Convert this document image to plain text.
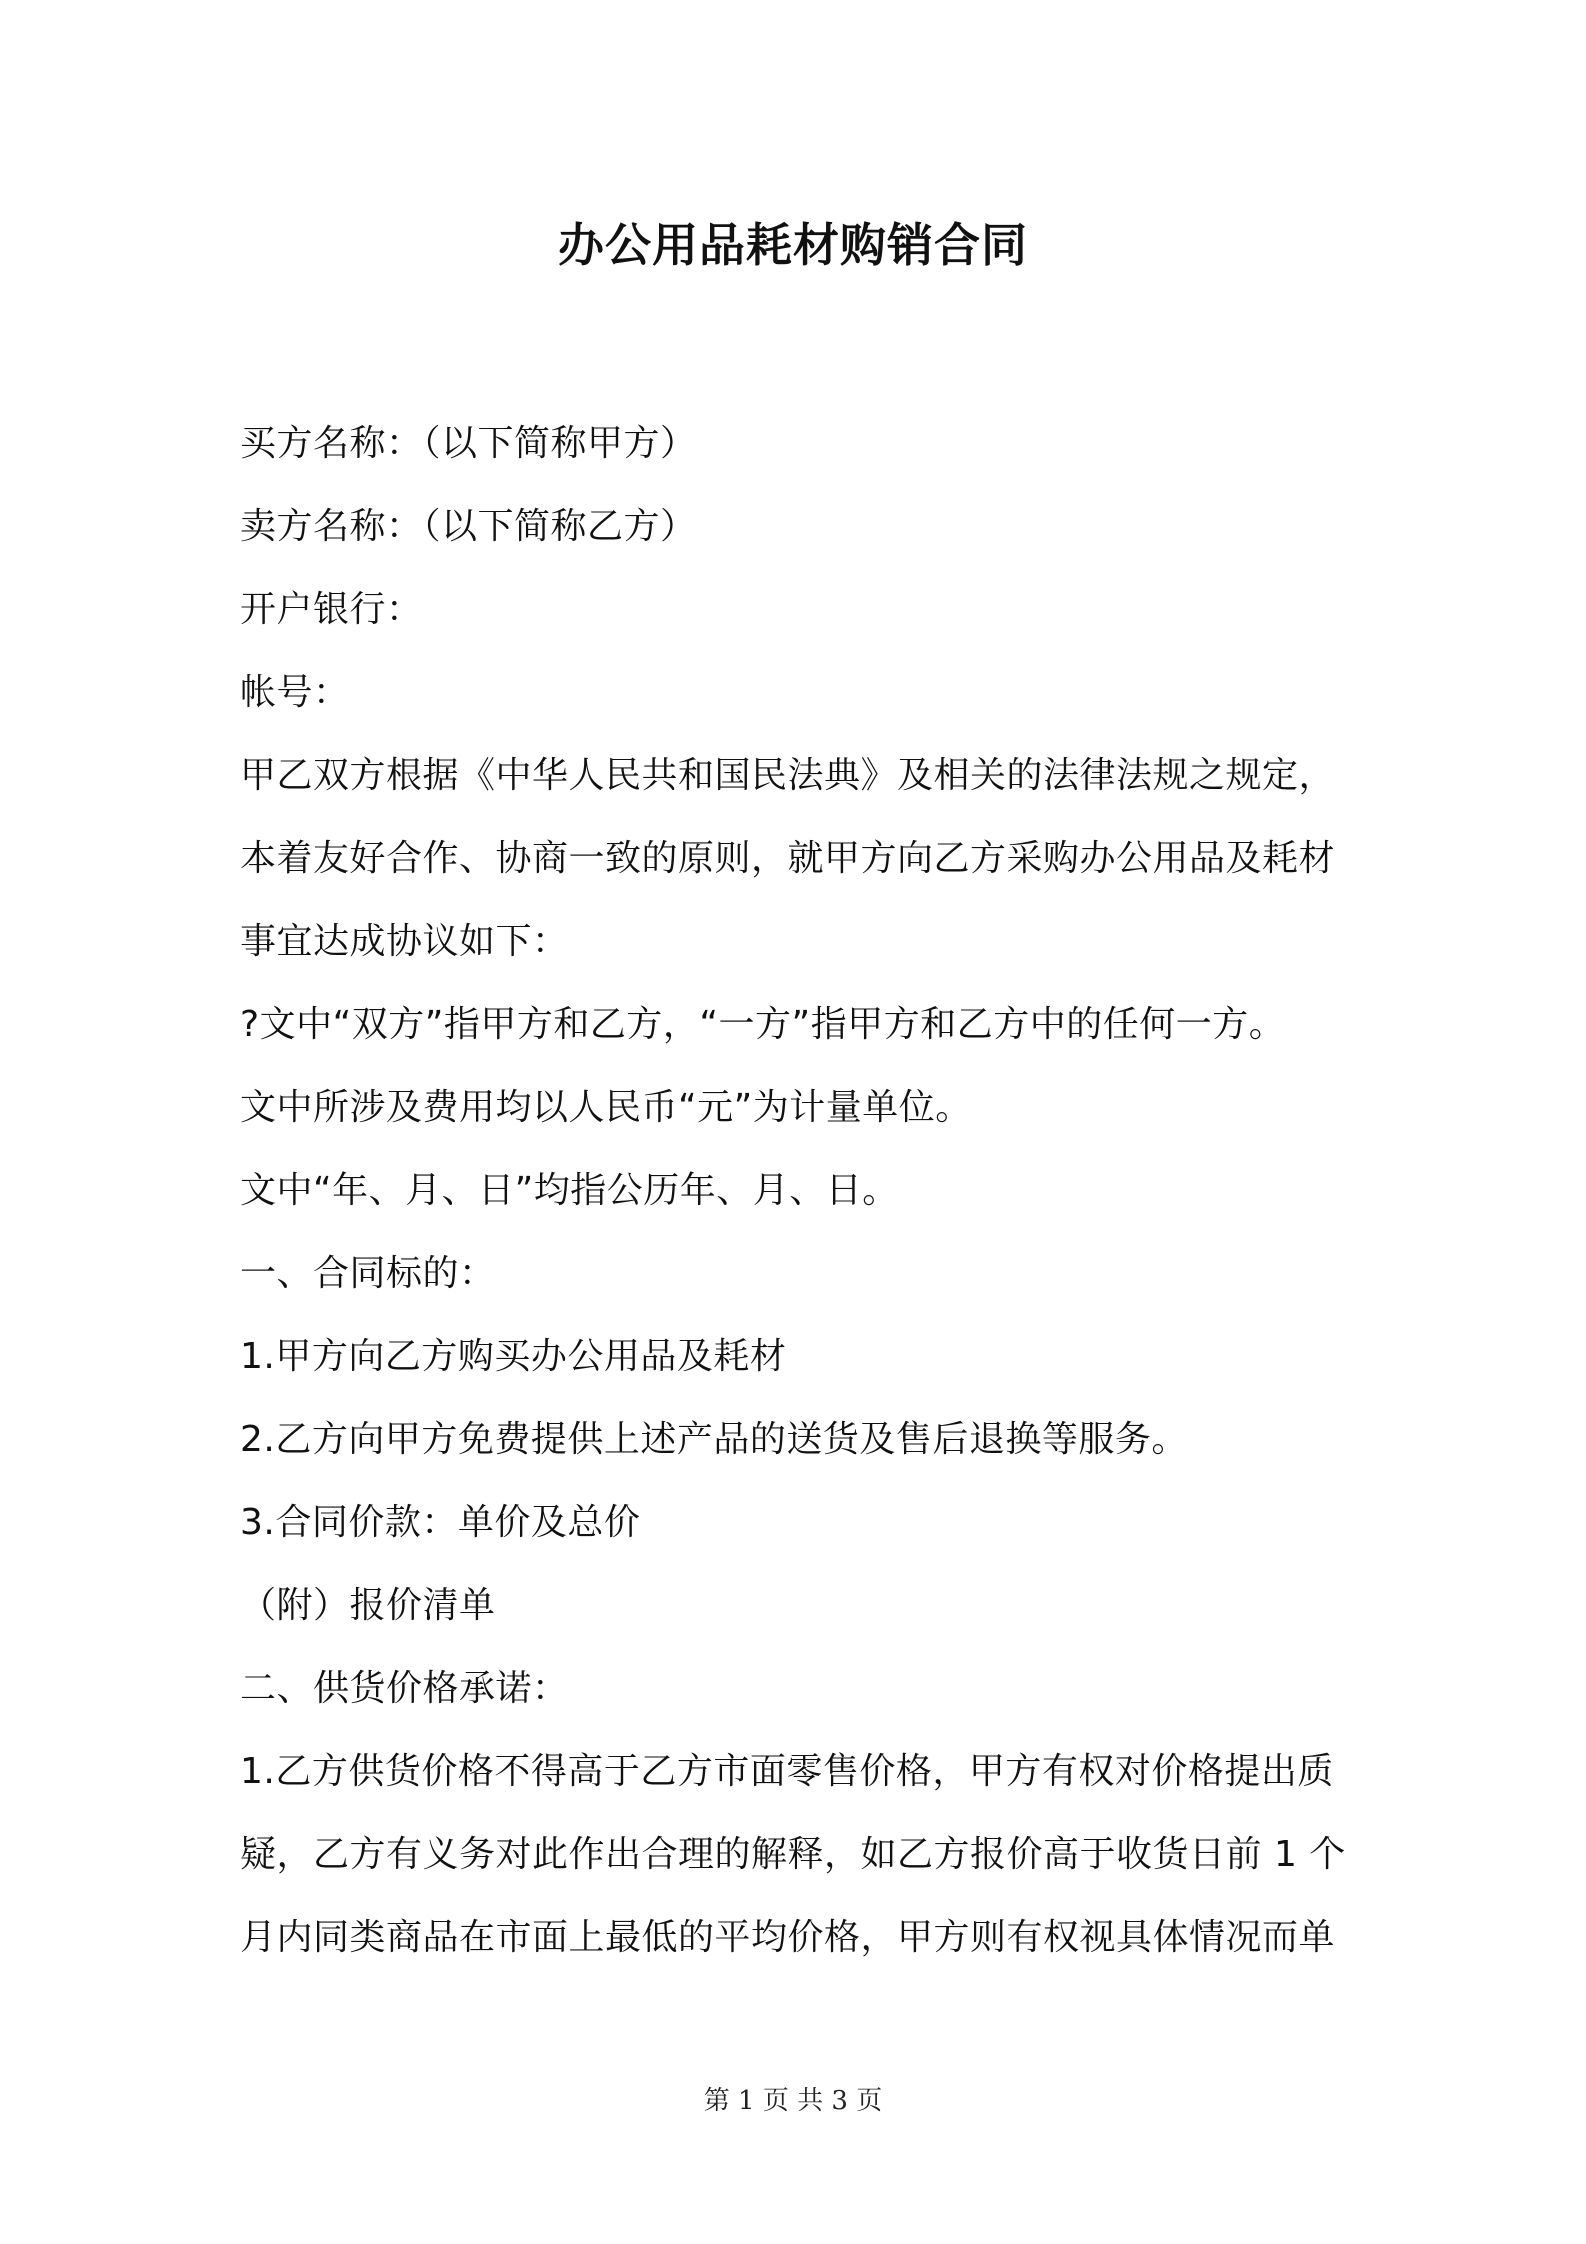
办公用品耗材购销合同
买方名称：（以下简称甲方）
卖方名称：（以下简称乙方）
开户银行：
帐号：
甲乙双方根据《中华人民共和国民法典》及相关的法律法规之规定，
本着友好合作、协商一致的原则，就甲方向乙方采购办公用品及耗材
事宜达成协议如下：
?文中“双方”指甲方和乙方，“一方”指甲方和乙方中的任何一方。
文中所涉及费用均以人民币“元”为计量单位。
文中“年、月、日”均指公历年、月、日。
一、合同标的：
1.甲方向乙方购买办公用品及耗材
2.乙方向甲方免费提供上述产品的送货及售后退换等服务。
3.合同价款：单价及总价
（附）报价清单
二、供货价格承诺：
1.乙方供货价格不得高于乙方市面零售价格，甲方有权对价格提出质
疑，乙方有义务对此作出合理的解释，如乙方报价高于收货日前 1 个
月内同类商品在市面上最低的平均价格，甲方则有权视具体情况而单
第 1 页 共 3 页
